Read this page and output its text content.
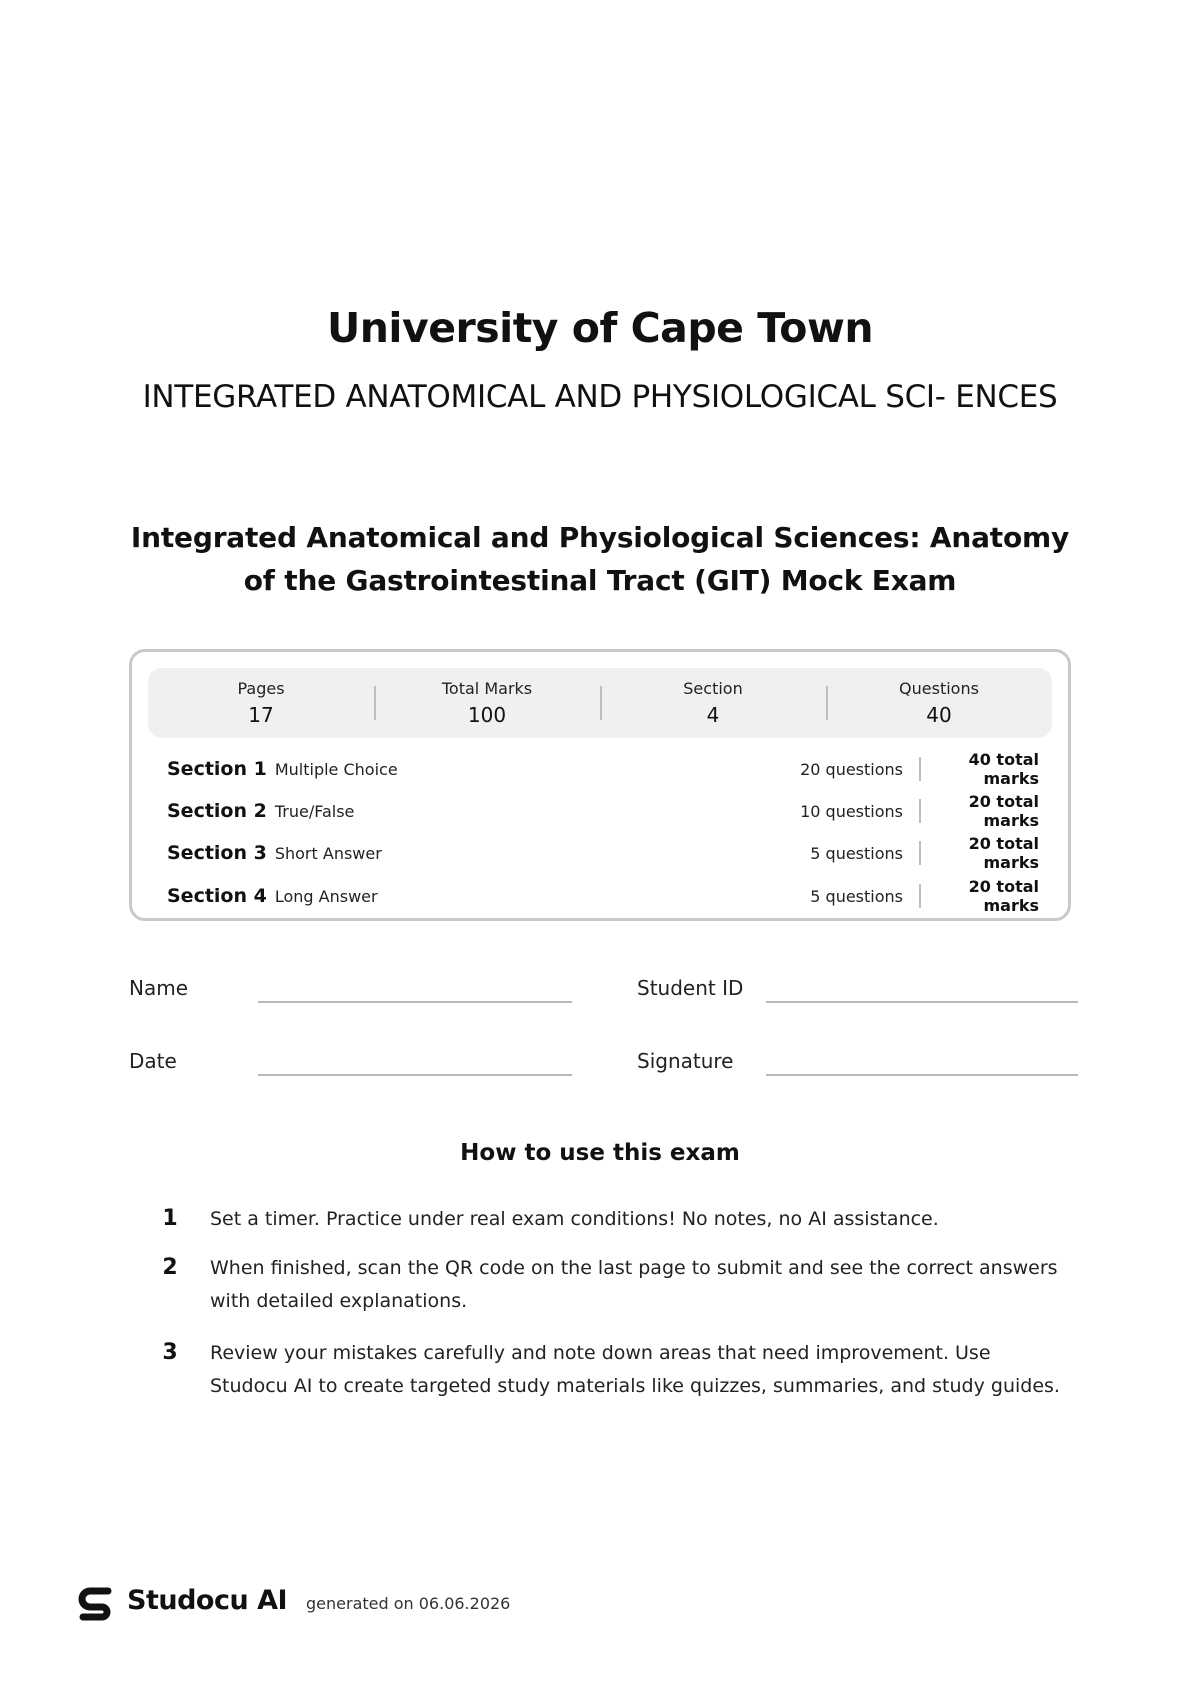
University of Cape Town
INTEGRATED ANATOMICAL AND PHYSIOLOGICAL SCI- ENCES
Integrated Anatomical and Physiological Sciences: Anatomy of the Gastrointestinal Tract (GIT) Mock Exam
Pages
17
Total Marks
100
Section
4
Questions
40
Section 1 Multiple Choice	20 questions	40 total marks
Section 2 True/False	10 questions	20 total marks
Section 3 Short Answer	5 questions	20 total marks
Section 4 Long Answer	5 questions	20 total marks
Name	Student ID
Date	Signature
How to use this exam
1	Set a timer. Practice under real exam conditions! No notes, no AI assistance.
2	When finished, scan the QR code on the last page to submit and see the correct answers with detailed explanations.
3	Review your mistakes carefully and note down areas that need improvement. Use Studocu AI to create targeted study materials like quizzes, summaries, and study guides.
Studocu AI generated on 06.06.2026
